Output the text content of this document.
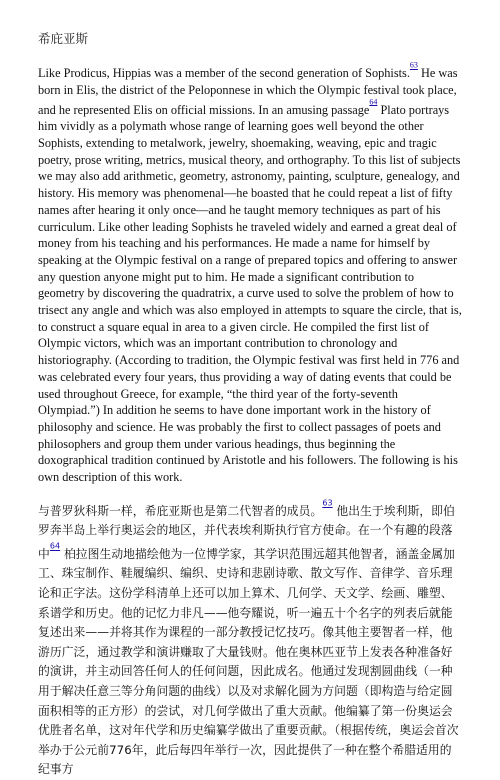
希庇亚斯

Like Prodicus, Hippias was a member of the second generation of Sophists.$^{^{63}}$ He was born in Elis, the district of the Peloponnese in which the Olympic festival took place, and he represented Elis on official missions. In an amusing passage$^{^{64}}$ Plato portrays him vividly as a polymath whose range of learning goes well beyond the other Sophists, extending to metalwork, jewelry, shoemaking, weaving, epic and tragic poetry, prose writing, metrics, musical theory, and orthography. To this list of subjects we may also add arithmetic, geometry, astronomy, painting, sculpture, genealogy, and history. His memory was phenomenal—he boasted that he could repeat a list of fifty names after hearing it only once—and he taught memory techniques as part of his curriculum. Like other leading Sophists he traveled widely and earned a great deal of money from his teaching and his performances. He made a name for himself by speaking at the Olympic festival on a range of prepared topics and offering to answer any question anyone might put to him. He made a significant contribution to geometry by discovering the quadratrix, a curve used to solve the problem of how to trisect any angle and which was also employed in attempts to square the circle, that is, to construct a square equal in area to a given circle. He compiled the first list of Olympic victors, which was an important contribution to chronology and historiography. (According to tradition, the Olympic festival was first held in 776 and was celebrated every four years, thus providing a way of dating events that could be used throughout Greece, for example, “the third year of the forty-seventh Olympiad.”) In addition he seems to have done important work in the history of philosophy and science. He was probably the first to collect passages of poets and philosophers and group them under various headings, thus beginning the doxographical tradition continued by Aristotle and his followers. The following is his own description of this work.

与普罗狄科斯一样，希庇亚斯也是第二代智者的成员。$^{^{63}}$ 他出生于埃利斯，即伯罗奔半岛上举行奥运会的地区，并代表埃利斯执行官方使命。在一个有趣的段落中$^{^{64}}$ 柏拉图生动地描绘他为一位博学家，其学识范围远超其他智者，涵盖金属加工、珠宝制作、鞋履编织、编织、史诗和悲剧诗歌、散文写作、音律学、音乐理论和正字法。这份学科清单上还可以加上算术、几何学、天文学、绘画、雕塑、系谱学和历史。他的记忆力非凡——他夸耀说，听一遍五十个名字的列表后就能复述出来——并将其作为课程的一部分教授记忆技巧。像其他主要智者一样，他游历广泛，通过教学和演讲赚取了大量钱财。他在奥林匹亚节上发表各种准备好的演讲，并主动回答任何人的任何问题，因此成名。他通过发现割圆曲线（一种用于解决任意三等分角问题的曲线）以及对求解化圆为方问题（即构造与给定圆面积相等的正方形）的尝试，对几何学做出了重大贡献。他编纂了第一份奥运会优胜者名单，这对年代学和历史编纂学做出了重要贡献。（根据传统，奥运会首次举办于公元前776年，此后每四年举行一次，因此提供了一种在整个希腊适用的纪事方
